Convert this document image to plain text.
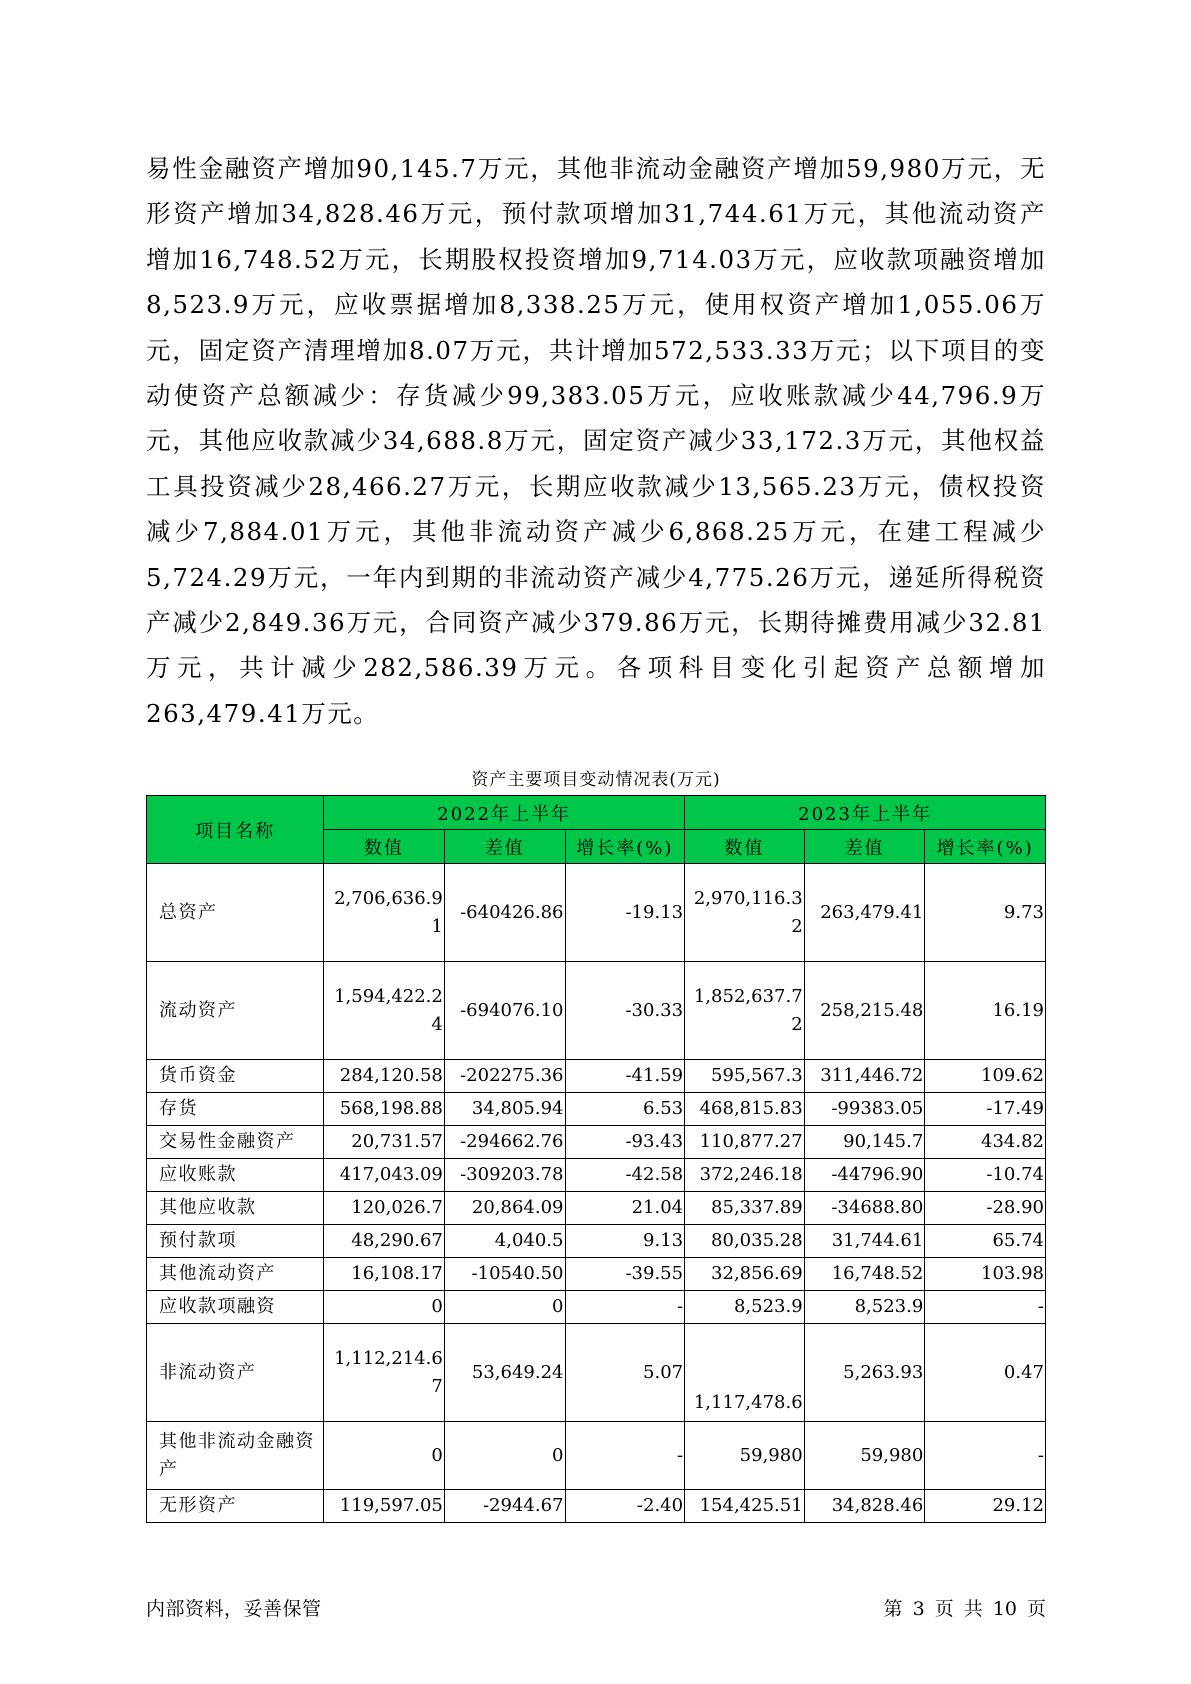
易性金融资产增加90,145.7万元，其他非流动金融资产增加59,980万元，无形资产增加34,828.46万元，预付款项增加31,744.61万元，其他流动资产增加16,748.52万元，长期股权投资增加9,714.03万元，应收款项融资增加8,523.9万元，应收票据增加8,338.25万元，使用权资产增加1,055.06万元，固定资产清理增加8.07万元，共计增加572,533.33万元；以下项目的变动使资产总额减少：存货减少99,383.05万元，应收账款减少44,796.9万元，其他应收款减少34,688.8万元，固定资产减少33,172.3万元，其他权益工具投资减少28,466.27万元，长期应收款减少13,565.23万元，债权投资减少7,884.01万元，其他非流动资产减少6,868.25万元，在建工程减少5,724.29万元，一年内到期的非流动资产减少4,775.26万元，递延所得税资产减少2,849.36万元，合同资产减少379.86万元，长期待摊费用减少32.81万元，共计减少282,586.39万元。各项科目变化引起资产总额增加263,479.41万元。

资产主要项目变动情况表(万元)
项目名称	2022年上半年			2023年上半年		
	数值	差值	增长率(%)	数值	差值	增长率(%)
总资产	2,706,636.91	-640426.86	-19.13	2,970,116.32	263,479.41	9.73
流动资产	1,594,422.24	-694076.10	-30.33	1,852,637.72	258,215.48	16.19
货币资金	284,120.58	-202275.36	-41.59	595,567.3	311,446.72	109.62
存货	568,198.88	34,805.94	6.53	468,815.83	-99383.05	-17.49
交易性金融资产	20,731.57	-294662.76	-93.43	110,877.27	90,145.7	434.82
应收账款	417,043.09	-309203.78	-42.58	372,246.18	-44796.90	-10.74
其他应收款	120,026.7	20,864.09	21.04	85,337.89	-34688.80	-28.90
预付款项	48,290.67	4,040.5	9.13	80,035.28	31,744.61	65.74
其他流动资产	16,108.17	-10540.50	-39.55	32,856.69	16,748.52	103.98
应收款项融资	0	0	-	8,523.9	8,523.9	-
非流动资产	1,112,214.67	53,649.24	5.07	1,117,478.6	5,263.93	0.47
其他非流动金融资产	0	0	-	59,980	59,980	-
无形资产	119,597.05	-2944.67	-2.40	154,425.51	34,828.46	29.12
内部资料，妥善保管	第 3 页 共 10 页
